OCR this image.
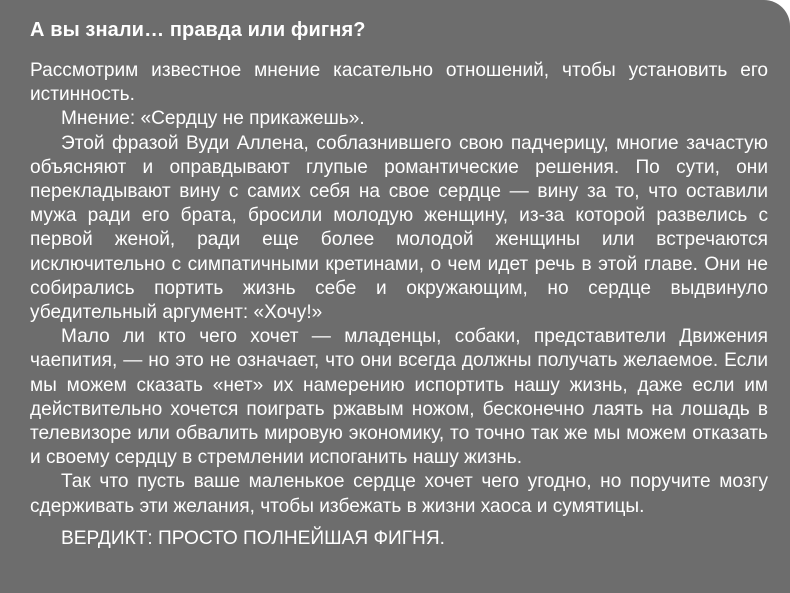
А вы знали… правда или фигня?

Рассмотрим известное мнение касательно отношений, чтобы установить его истинность.

Мнение: «Сердцу не прикажешь».

Этой фразой Вуди Аллена, соблазнившего свою падчерицу, многие зачастую объясняют и оправдывают глупые романтические решения. По сути, они перекладывают вину с самих себя на свое сердце — вину за то, что оставили мужа ради его брата, бросили молодую женщину, из-за которой развелись с первой женой, ради еще более молодой женщины или встречаются исключительно с симпатичными кретинами, о чем идет речь в этой главе. Они не собирались портить жизнь себе и окружающим, но сердце выдвинуло убедительный аргумент: «Хочу!»

Мало ли кто чего хочет — младенцы, собаки, представители Движения чаепития, — но это не означает, что они всегда должны получать желаемое. Если мы можем сказать «нет» их намерению испортить нашу жизнь, даже если им действительно хочется поиграть ржавым ножом, бесконечно лаять на лошадь в телевизоре или обвалить мировую экономику, то точно так же мы можем отказать и своему сердцу в стремлении испоганить нашу жизнь.

Так что пусть ваше маленькое сердце хочет чего угодно, но поручите мозгу сдерживать эти желания, чтобы избежать в жизни хаоса и сумятицы.

ВЕРДИКТ: ПРОСТО ПОЛНЕЙШАЯ ФИГНЯ.
